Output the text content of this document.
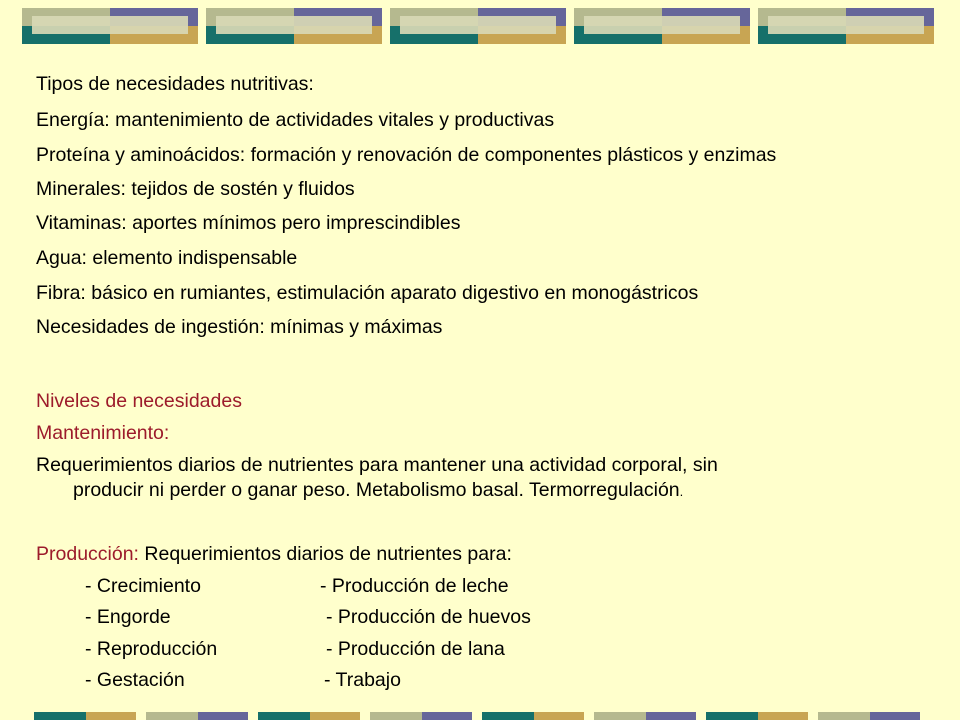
Tipos de necesidades nutritivas:
Energía: mantenimiento de actividades vitales y productivas
Proteína y aminoácidos: formación y renovación de componentes plásticos y enzimas
Minerales: tejidos de sostén y fluidos
Vitaminas: aportes mínimos pero imprescindibles
Agua: elemento indispensable
Fibra: básico en rumiantes, estimulación aparato digestivo en monogástricos
Necesidades de ingestión: mínimas y máximas
Niveles de necesidades
Mantenimiento:
Requerimientos diarios de nutrientes para mantener una actividad corporal, sin
producir ni perder o ganar peso. Metabolismo basal. Termorregulación.
Producción: Requerimientos diarios de nutrientes para:
- Crecimiento
- Engorde
- Reproducción
- Gestación
- Producción de leche
- Producción de huevos
- Producción de lana
- Trabajo
